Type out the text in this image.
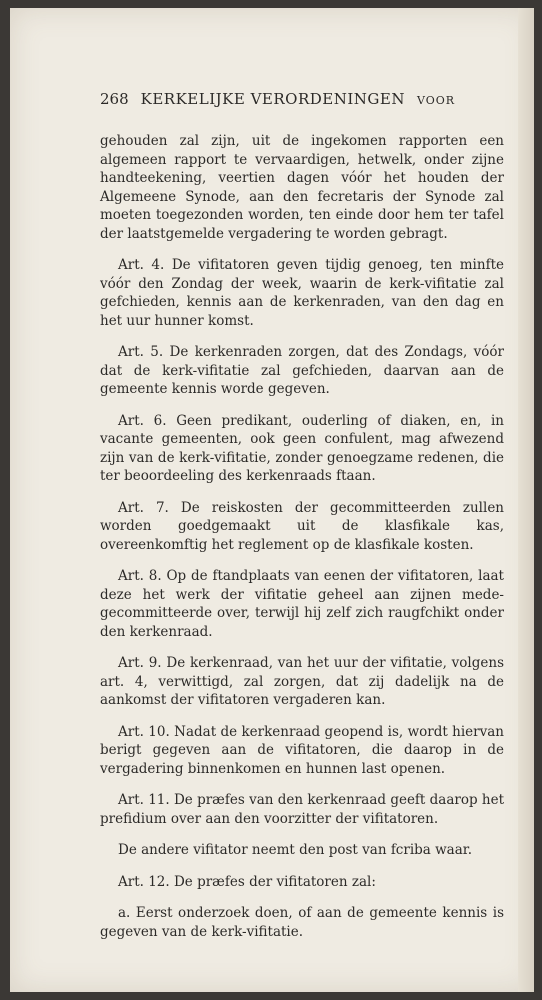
268 KERKELIJKE VERORDENINGEN VOOR

gehouden zal zijn, uit de ingekomen rapporten een algemeen rapport te vervaardigen, hetwelk, onder zijne handteekening, veertien dagen vóór het houden der Algemeene Synode, aan den fecretaris der Synode zal moeten toegezonden worden, ten einde door hem ter tafel der laatstgemelde vergadering te worden gebragt.

Art. 4. De vifitatoren geven tijdig genoeg, ten minfte vóór den Zondag der week, waarin de kerk-vifitatie zal gefchieden, kennis aan de kerkenraden, van den dag en het uur hunner komst.

Art. 5. De kerkenraden zorgen, dat des Zondags, vóór dat de kerk-vifitatie zal gefchieden, daarvan aan de gemeente kennis worde gegeven.

Art. 6. Geen predikant, ouderling of diaken, en, in vacante gemeenten, ook geen confulent, mag afwezend zijn van de kerk-vifitatie, zonder genoegzame redenen, die ter beoordeeling des kerkenraads ftaan.

Art. 7. De reiskosten der gecommitteerden zullen worden goedgemaakt uit de klasfikale kas, overeenkomftig het reglement op de klasfikale kosten.

Art. 8. Op de ftandplaats van eenen der vifitatoren, laat deze het werk der vifitatie geheel aan zijnen mede-gecommitteerde over, terwijl hij zelf zich raugfchikt onder den kerkenraad.

Art. 9. De kerkenraad, van het uur der vifitatie, volgens art. 4, verwittigd, zal zorgen, dat zij dadelijk na de aankomst der vifitatoren vergaderen kan.

Art. 10. Nadat de kerkenraad geopend is, wordt hiervan berigt gegeven aan de vifitatoren, die daarop in de vergadering binnenkomen en hunnen last openen.

Art. 11. De præfes van den kerkenraad geeft daarop het prefidium over aan den voorzitter der vifitatoren.

De andere vifitator neemt den post van fcriba waar.

Art. 12. De præfes der vifitatoren zal:

a. Eerst onderzoek doen, of aan de gemeente kennis is gegeven van de kerk-vifitatie.
